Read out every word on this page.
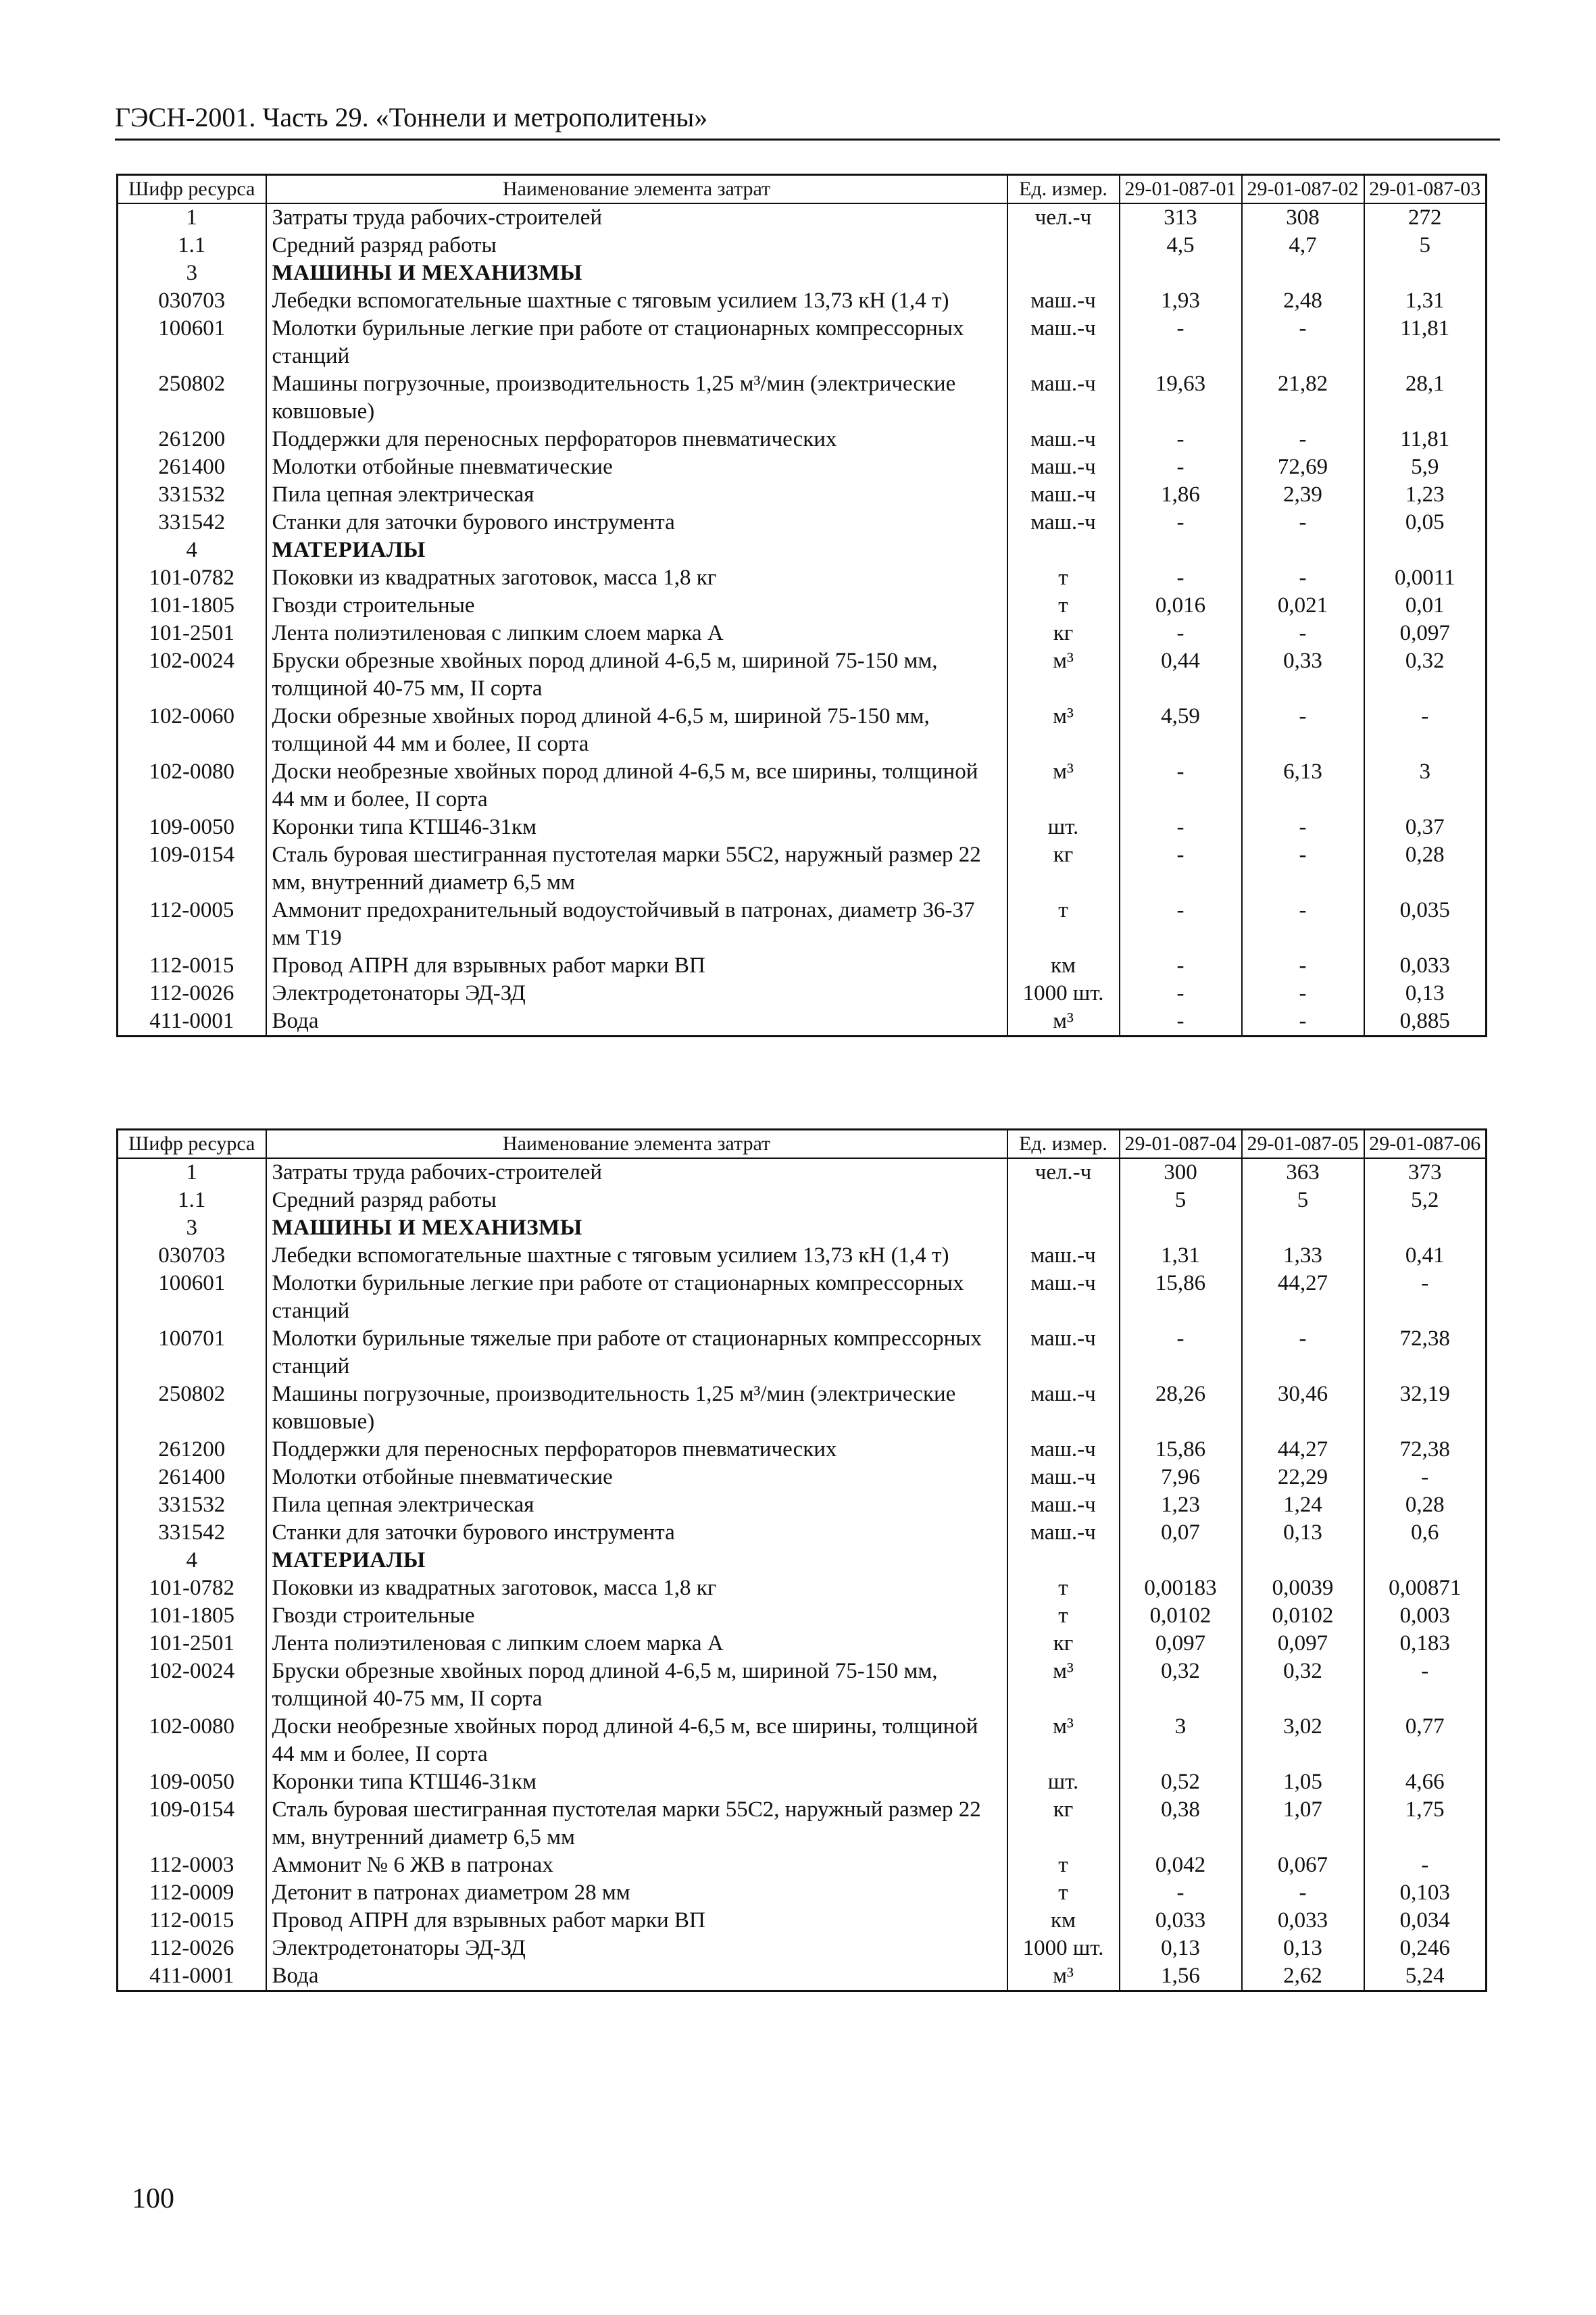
ГЭСН-2001. Часть 29. «Тоннели и метрополитены»
Шифр ресурса	Наименование элемента затрат	Ед. измер.	29-01-087-01	29-01-087-02	29-01-087-03
1	Затраты труда рабочих-строителей	чел.-ч	313	308	272
1.1	Средний разряд работы		4,5	4,7	5
3	МАШИНЫ И МЕХАНИЗМЫ				
030703	Лебедки вспомогательные шахтные с тяговым усилием 13,73 кН (1,4 т)	маш.-ч	1,93	2,48	1,31
100601	Молотки бурильные легкие при работе от стационарных компрессорных станций	маш.-ч	-	-	11,81
250802	Машины погрузочные, производительность 1,25 м³/мин (электрические ковшовые)	маш.-ч	19,63	21,82	28,1
261200	Поддержки для переносных перфораторов пневматических	маш.-ч	-	-	11,81
261400	Молотки отбойные пневматические	маш.-ч	-	72,69	5,9
331532	Пила цепная электрическая	маш.-ч	1,86	2,39	1,23
331542	Станки для заточки бурового инструмента	маш.-ч	-	-	0,05
4	МАТЕРИАЛЫ				
101-0782	Поковки из квадратных заготовок, масса 1,8 кг	т	-	-	0,0011
101-1805	Гвозди строительные	т	0,016	0,021	0,01
101-2501	Лента полиэтиленовая с липким слоем марка А	кг	-	-	0,097
102-0024	Бруски обрезные хвойных пород длиной 4-6,5 м, шириной 75-150 мм, толщиной 40-75 мм, II сорта	м³	0,44	0,33	0,32
102-0060	Доски обрезные хвойных пород длиной 4-6,5 м, шириной 75-150 мм, толщиной 44 мм и более, II сорта	м³	4,59	-	-
102-0080	Доски необрезные хвойных пород длиной 4-6,5 м, все ширины, толщиной 44 мм и более, II сорта	м³	-	6,13	3
109-0050	Коронки типа КТШ46-31км	шт.	-	-	0,37
109-0154	Сталь буровая шестигранная пустотелая марки 55С2, наружный размер 22 мм, внутренний диаметр 6,5 мм	кг	-	-	0,28
112-0005	Аммонит предохранительный водоустойчивый в патронах, диаметр 36-37 мм Т19	т	-	-	0,035
112-0015	Провод АПРН для взрывных работ марки ВП	км	-	-	0,033
112-0026	Электродетонаторы ЭД-ЗД	1000 шт.	-	-	0,13
411-0001	Вода	м³	-	-	0,885
Шифр ресурса	Наименование элемента затрат	Ед. измер.	29-01-087-04	29-01-087-05	29-01-087-06
1	Затраты труда рабочих-строителей	чел.-ч	300	363	373
1.1	Средний разряд работы		5	5	5,2
3	МАШИНЫ И МЕХАНИЗМЫ				
030703	Лебедки вспомогательные шахтные с тяговым усилием 13,73 кН (1,4 т)	маш.-ч	1,31	1,33	0,41
100601	Молотки бурильные легкие при работе от стационарных компрессорных станций	маш.-ч	15,86	44,27	-
100701	Молотки бурильные тяжелые при работе от стационарных компрессорных станций	маш.-ч	-	-	72,38
250802	Машины погрузочные, производительность 1,25 м³/мин (электрические ковшовые)	маш.-ч	28,26	30,46	32,19
261200	Поддержки для переносных перфораторов пневматических	маш.-ч	15,86	44,27	72,38
261400	Молотки отбойные пневматические	маш.-ч	7,96	22,29	-
331532	Пила цепная электрическая	маш.-ч	1,23	1,24	0,28
331542	Станки для заточки бурового инструмента	маш.-ч	0,07	0,13	0,6
4	МАТЕРИАЛЫ				
101-0782	Поковки из квадратных заготовок, масса 1,8 кг	т	0,00183	0,0039	0,00871
101-1805	Гвозди строительные	т	0,0102	0,0102	0,003
101-2501	Лента полиэтиленовая с липким слоем марка А	кг	0,097	0,097	0,183
102-0024	Бруски обрезные хвойных пород длиной 4-6,5 м, шириной 75-150 мм, толщиной 40-75 мм, II сорта	м³	0,32	0,32	-
102-0080	Доски необрезные хвойных пород длиной 4-6,5 м, все ширины, толщиной 44 мм и более, II сорта	м³	3	3,02	0,77
109-0050	Коронки типа КТШ46-31км	шт.	0,52	1,05	4,66
109-0154	Сталь буровая шестигранная пустотелая марки 55С2, наружный размер 22 мм, внутренний диаметр 6,5 мм	кг	0,38	1,07	1,75
112-0003	Аммонит № 6 ЖВ в патронах	т	0,042	0,067	-
112-0009	Детонит в патронах диаметром 28 мм	т	-	-	0,103
112-0015	Провод АПРН для взрывных работ марки ВП	км	0,033	0,033	0,034
112-0026	Электродетонаторы ЭД-ЗД	1000 шт.	0,13	0,13	0,246
411-0001	Вода	м³	1,56	2,62	5,24
100
